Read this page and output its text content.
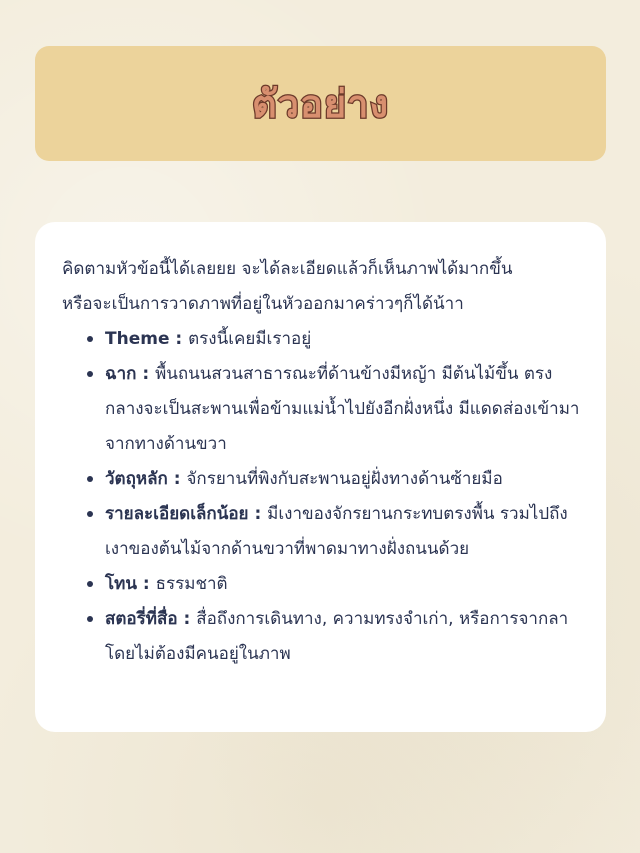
ตัวอย่าง

คิดตามหัวข้อนี้ได้เลยยย จะได้ละเอียดแล้วก็เห็นภาพได้มากขึ้น
หรือจะเป็นการวาดภาพที่อยู่ในหัวออกมาคร่าวๆก็ได้น้าา

Theme : ตรงนี้เคยมีเราอยู่
ฉาก : พื้นถนนสวนสาธารณะที่ด้านข้างมีหญ้า มีต้นไม้ขึ้น ตรงกลางจะเป็นสะพานเพื่อข้ามแม่น้ำไปยังอีกฝั่งหนึ่ง มีแดดส่องเข้ามาจากทางด้านขวา
วัตถุหลัก : จักรยานที่พิงกับสะพานอยู่ฝั่งทางด้านซ้ายมือ
รายละเอียดเล็กน้อย : มีเงาของจักรยานกระทบตรงพื้น รวมไปถึงเงาของต้นไม้จากด้านขวาที่พาดมาทางฝั่งถนนด้วย
โทน : ธรรมชาติ
สตอรี่ที่สื่อ : สื่อถึงการเดินทาง, ความทรงจำเก่า, หรือการจากลาโดยไม่ต้องมีคนอยู่ในภาพ
